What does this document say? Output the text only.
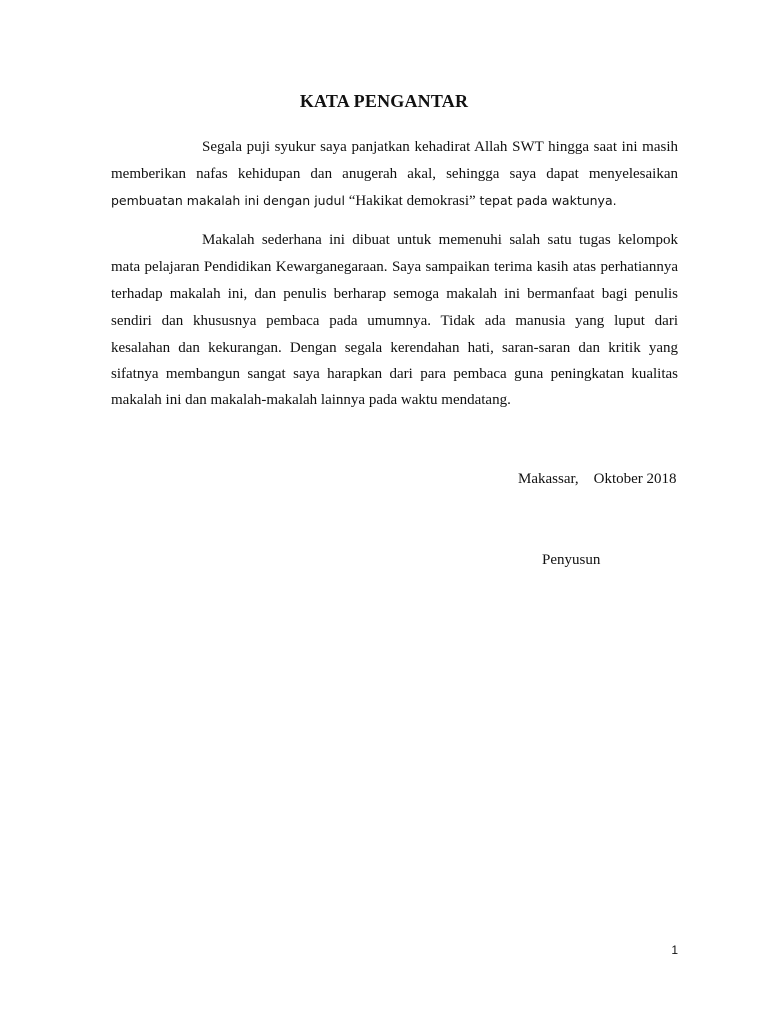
KATA PENGANTAR
Segala puji syukur saya panjatkan kehadirat Allah SWT hingga saat ini masih
memberikan nafas kehidupan dan anugerah akal, sehingga saya dapat menyelesaikan
pembuatan makalah ini dengan judul “Hakikat demokrasi” tepat pada waktunya.
Makalah sederhana ini dibuat untuk memenuhi salah satu tugas kelompok
mata pelajaran Pendidikan Kewarganegaraan. Saya sampaikan terima kasih atas perhatiannya
terhadap makalah ini, dan penulis berharap semoga makalah ini bermanfaat bagi penulis
sendiri dan khususnya pembaca pada umumnya. Tidak ada manusia yang luput dari
kesalahan dan kekurangan. Dengan segala kerendahan hati, saran-saran dan kritik yang
sifatnya membangun sangat saya harapkan dari para pembaca guna peningkatan kualitas
makalah ini dan makalah-makalah lainnya pada waktu mendatang.
Makassar,    Oktober 2018
Penyusun
1
